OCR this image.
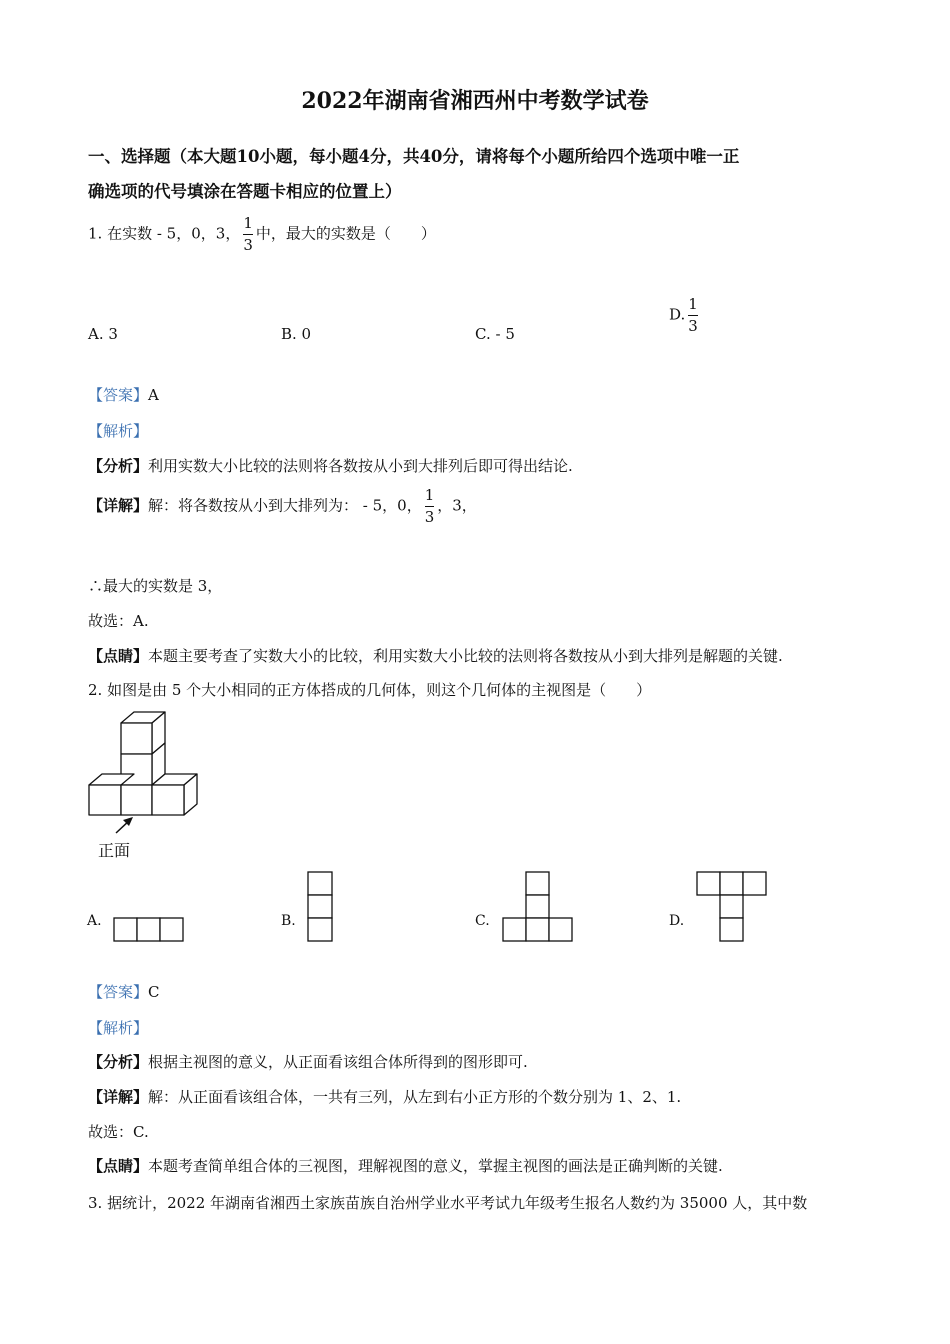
2022年湖南省湘西州中考数学试卷
一、选择题（本大题10小题，每小题4分，共40分，请将每个小题所给四个选项中唯一正
确选项的代号填涂在答题卡相应的位置上）
1. 在实数 - 5，0，3， $\frac{1}{3}$ 中，最大的实数是（　　）
A. 3	B. 0	C. - 5
D. $\frac{1}{3}$
【答案】A
【解析】
【分析】利用实数大小比较的法则将各数按从小到大排列后即可得出结论.
【详解】解：将各数按从小到大排列为： - 5，0， $\frac{1}{3}$ ，3，
∴最大的实数是 3，
故选：A.
【点睛】本题主要考查了实数大小的比较，利用实数大小比较的法则将各数按从小到大排列是解题的关键.
2. 如图是由 5 个大小相同的正方体搭成的几何体，则这个几何体的主视图是（　　）
正面
A.	B.	C.	D.
【答案】C
【解析】
【分析】根据主视图的意义，从正面看该组合体所得到的图形即可.
【详解】解：从正面看该组合体，一共有三列，从左到右小正方形的个数分别为 1、2、1.
故选：C.
【点睛】本题考查简单组合体的三视图，理解视图的意义，掌握主视图的画法是正确判断的关键.
3. 据统计，2022 年湖南省湘西土家族苗族自治州学业水平考试九年级考生报名人数约为 35000 人，其中数
